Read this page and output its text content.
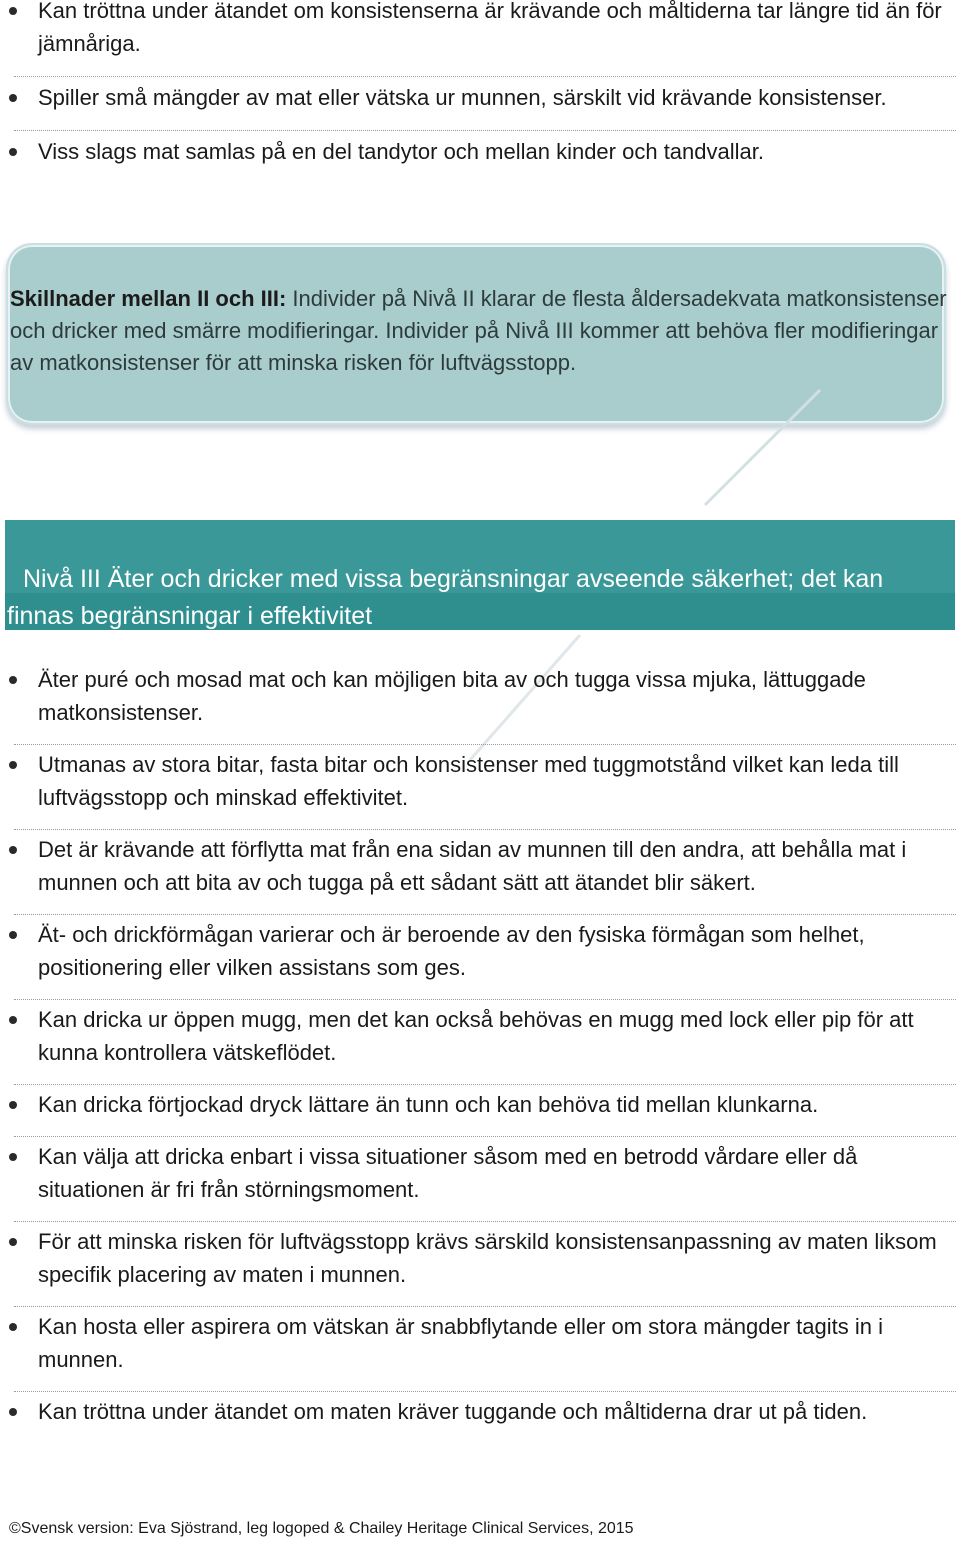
Kan tröttna under ätandet om konsistenserna är krävande och måltiderna tar längre tid än för jämnåriga.
Spiller små mängder av mat eller vätska ur munnen, särskilt vid krävande konsistenser.
Viss slags mat samlas på en del tandytor och mellan kinder och tandvallar.

Skillnader mellan II och III: Individer på Nivå II klarar de flesta åldersadekvata matkonsistenser och dricker med smärre modifieringar. Individer på Nivå III kommer att behöva fler modifieringar av matkonsistenser för att minska risken för luftvägsstopp.

Nivå III Äter och dricker med vissa begränsningar avseende säkerhet; det kan finnas begränsningar i effektivitet
Äter puré och mosad mat och kan möjligen bita av och tugga vissa mjuka, lättuggade matkonsistenser.
Utmanas av stora bitar, fasta bitar och konsistenser med tuggmotstånd vilket kan leda till luftvägsstopp och minskad effektivitet.
Det är krävande att förflytta mat från ena sidan av munnen till den andra, att behålla mat i munnen och att bita av och tugga på ett sådant sätt att ätandet blir säkert.
Ät- och drickförmågan varierar och är beroende av den fysiska förmågan som helhet, positionering eller vilken assistans som ges.
Kan dricka ur öppen mugg, men det kan också behövas en mugg med lock eller pip för att kunna kontrollera vätskeflödet.
Kan dricka förtjockad dryck lättare än tunn och kan behöva tid mellan klunkarna.
Kan välja att dricka enbart i vissa situationer såsom med en betrodd vårdare eller då situationen är fri från störningsmoment.
För att minska risken för luftvägsstopp krävs särskild konsistensanpassning av maten liksom specifik placering av maten i munnen.
Kan hosta eller aspirera om vätskan är snabbflytande eller om stora mängder tagits in i munnen.
Kan tröttna under ätandet om maten kräver tuggande och måltiderna drar ut på tiden.
©Svensk version: Eva Sjöstrand, leg logoped & Chailey Heritage Clinical Services, 2015
